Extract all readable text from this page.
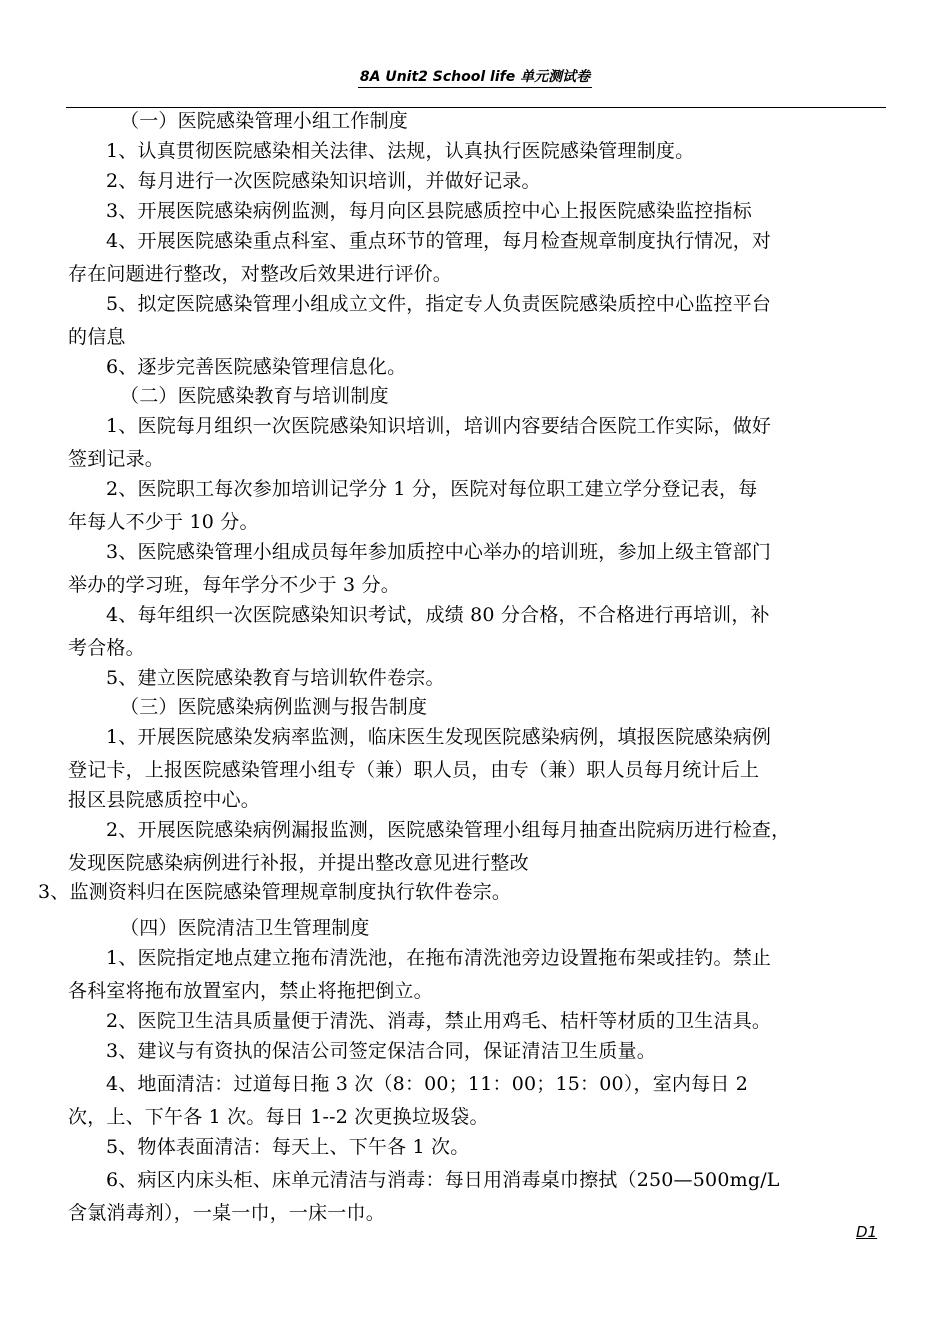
8A Unit2 School life 单元测试卷
（一）医院感染管理小组工作制度
1、认真贯彻医院感染相关法律、法规，认真执行医院感染管理制度。
2、每月进行一次医院感染知识培训，并做好记录。
3、开展医院感染病例监测，每月向区县院感质控中心上报医院感染监控指标
4、开展医院感染重点科室、重点环节的管理，每月检查规章制度执行情况，对
存在问题进行整改，对整改后效果进行评价。
5、拟定医院感染管理小组成立文件，指定专人负责医院感染质控中心监控平台
的信息
6、逐步完善医院感染管理信息化。
（二）医院感染教育与培训制度
1、医院每月组织一次医院感染知识培训，培训内容要结合医院工作实际，做好
签到记录。
2、医院职工每次参加培训记学分 1 分，医院对每位职工建立学分登记表，每
年每人不少于 10 分。
3、医院感染管理小组成员每年参加质控中心举办的培训班，参加上级主管部门
举办的学习班，每年学分不少于 3 分。
4、每年组织一次医院感染知识考试，成绩 80 分合格，不合格进行再培训，补
考合格。
5、建立医院感染教育与培训软件卷宗。
（三）医院感染病例监测与报告制度
1、开展医院感染发病率监测，临床医生发现医院感染病例，填报医院感染病例
登记卡，上报医院感染管理小组专（兼）职人员，由专（兼）职人员每月统计后上
报区县院感质控中心。
2、开展医院感染病例漏报监测，医院感染管理小组每月抽查出院病历进行检查，
发现医院感染病例进行补报，并提出整改意见进行整改
3、监测资料归在医院感染管理规章制度执行软件卷宗。
（四）医院清洁卫生管理制度
1、医院指定地点建立拖布清洗池，在拖布清洗池旁边设置拖布架或挂钓。禁止
各科室将拖布放置室内，禁止将拖把倒立。
2、医院卫生洁具质量便于清洗、消毒，禁止用鸡毛、桔杆等材质的卫生洁具。
3、建议与有资执的保洁公司签定保洁合同，保证清洁卫生质量。
4、地面清洁：过道每日拖 3 次（8：00；11：00；15：00），室内每日 2
次，上、下午各 1 次。每日 1--2 次更换垃圾袋。
5、物体表面清洁：每天上、下午各 1 次。
6、病区内床头柜、床单元清洁与消毒：每日用消毒桌巾擦拭（250—500mg/L
含氯消毒剂），一桌一巾，一床一巾。
D1
